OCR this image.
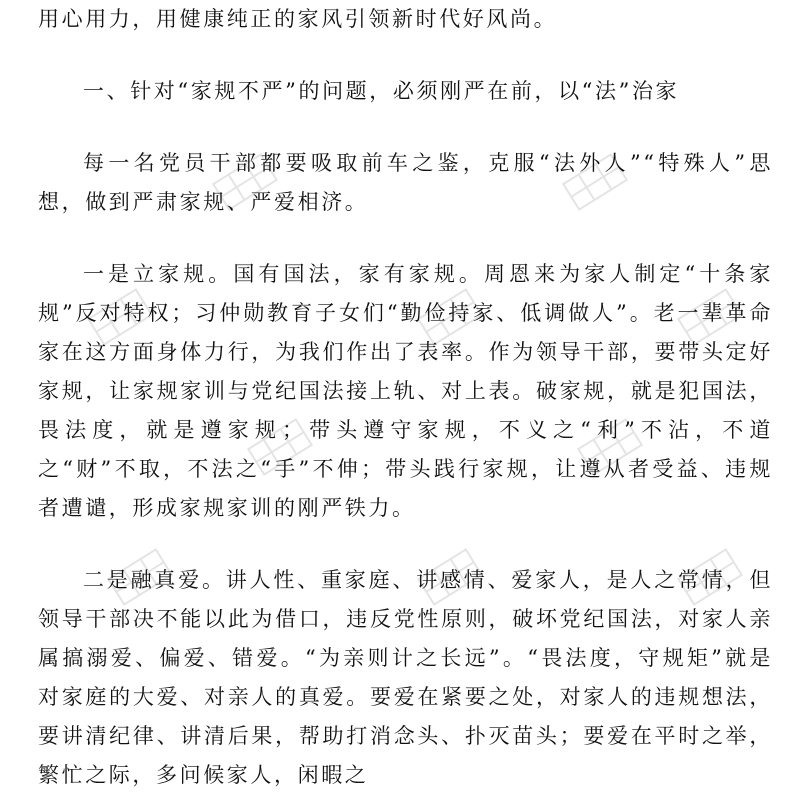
用心用力，用健康纯正的家风引领新时代好风尚。

一、针对“家规不严”的问题，必须刚严在前，以“法”治家

每一名党员干部都要吸取前车之鉴，克服“法外人”“特殊人”思想，做到严肃家规、严爱相济。

一是立家规。国有国法，家有家规。周恩来为家人制定“十条家规”反对特权；习仲勋教育子女们“勤俭持家、低调做人”。老一辈革命家在这方面身体力行，为我们作出了表率。作为领导干部，要带头定好家规，让家规家训与党纪国法接上轨、对上表。破家规，就是犯国法，畏法度，就是遵家规；带头遵守家规，不义之“利”不沾，不道之“财”不取，不法之“手”不伸；带头践行家规，让遵从者受益、违规者遭谴，形成家规家训的刚严铁力。

二是融真爱。讲人性、重家庭、讲感情、爱家人，是人之常情，但领导干部决不能以此为借口，违反党性原则，破坏党纪国法，对家人亲属搞溺爱、偏爱、错爱。“为亲则计之长远”。“畏法度，守规矩”就是对家庭的大爱、对亲人的真爱。要爱在紧要之处，对家人的违规想法，要讲清纪律、讲清后果，帮助打消念头、扑灭苗头；要爱在平时之举，繁忙之际，多问候家人，闲暇之
